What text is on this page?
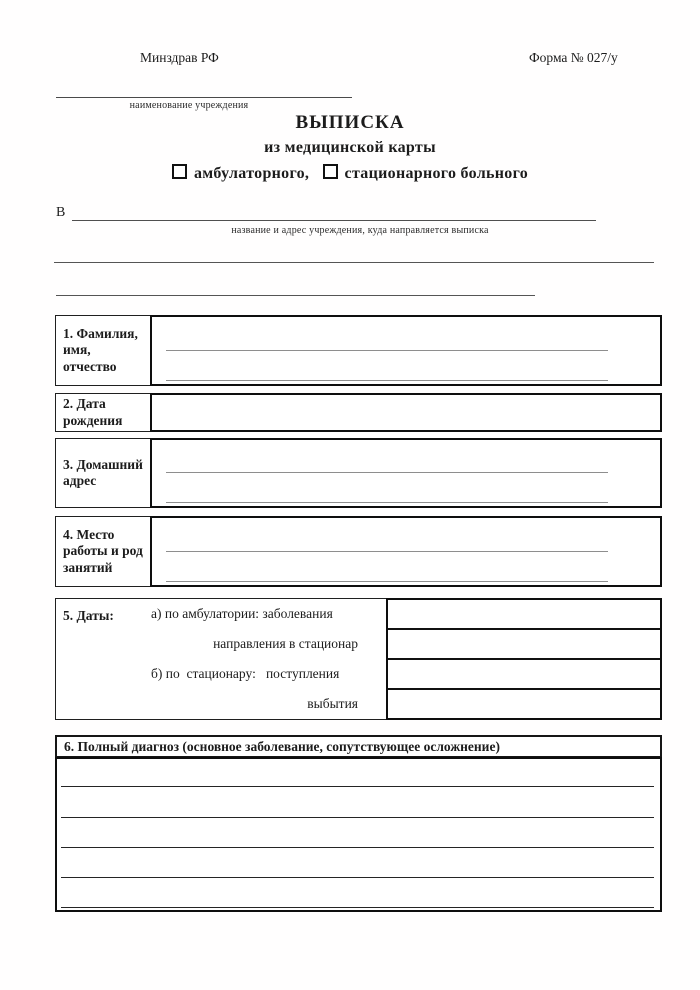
Минздрав РФ	Форма № 027/у
наименование учреждения
ВЫПИСКА
из медицинской карты
амбулаторного, стационарного больного
В
название и адрес учреждения, куда направляется выписка
1. Фамилия, имя, отчество
2. Дата рождения
3. Домашний адрес
4. Место работы и род занятий
5. Даты:	а) по амбулатории: заболевания
направления в стационар
б) по  стационару:   поступления
выбытия
6. Полный диагноз (основное заболевание, сопутствующее осложнение)
